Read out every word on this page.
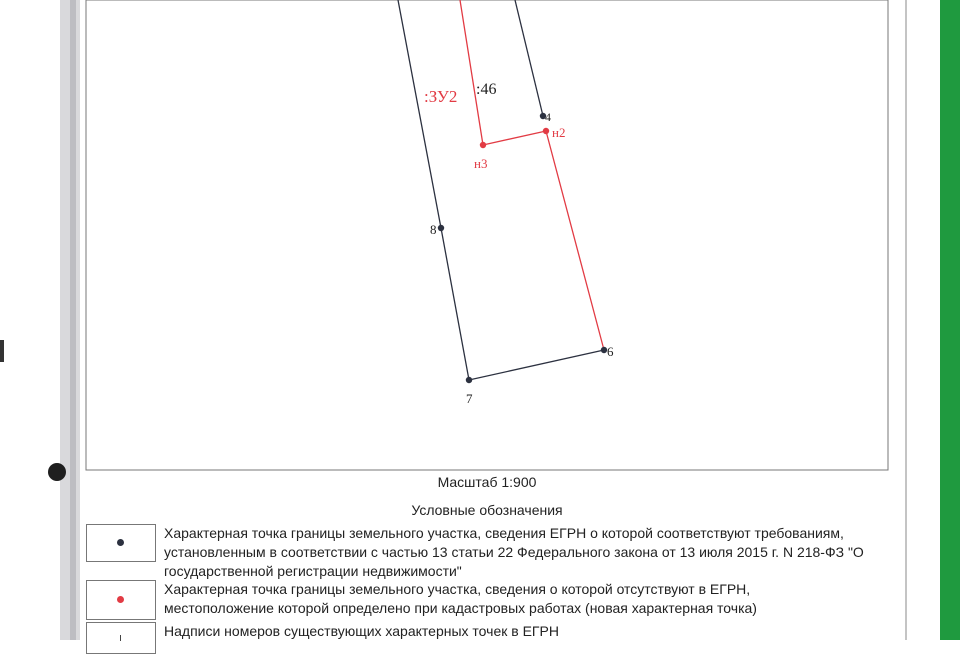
:ЗУ2 :46
4
н2
н3
8
6
7
Масштаб 1:900
Условные обозначения
Характерная точка границы земельного участка, сведения ЕГРН о которой соответствуют требованиям, установленным в соответствии с частью 13 статьи 22 Федерального закона от 13 июля 2015 г. N 218-ФЗ "О государственной регистрации недвижимости"
Характерная точка границы земельного участка, сведения о которой отсутствуют в ЕГРН, местоположение которой определено при кадастровых работах (новая характерная точка)
Надписи номеров существующих характерных точек в ЕГРН
